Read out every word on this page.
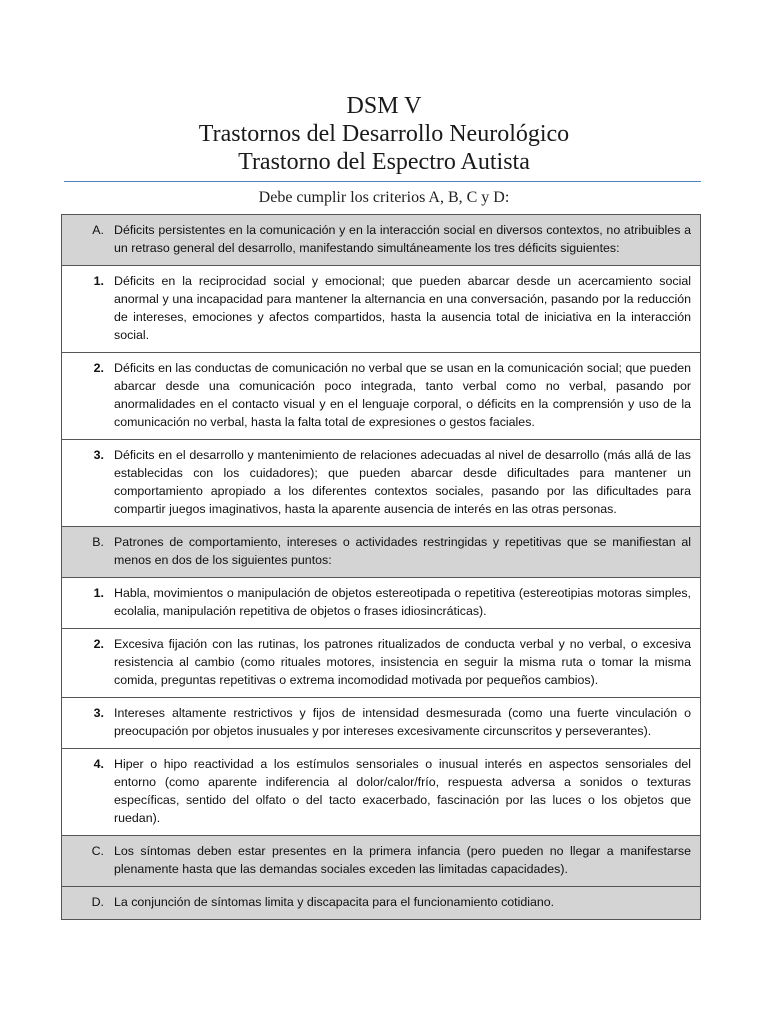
DSM V
Trastornos del Desarrollo Neurológico
Trastorno del Espectro Autista
Debe cumplir los criterios A, B, C y D:
A. Déficits persistentes en la comunicación y en la interacción social en diversos contextos, no atribuibles a un retraso general del desarrollo, manifestando simultáneamente los tres déficits siguientes:

1. Déficits en la reciprocidad social y emocional; que pueden abarcar desde un acercamiento social anormal y una incapacidad para mantener la alternancia en una conversación, pasando por la reducción de intereses, emociones y afectos compartidos, hasta la ausencia total de iniciativa en la interacción social.

2. Déficits en las conductas de comunicación no verbal que se usan en la comunicación social; que pueden abarcar desde una comunicación poco integrada, tanto verbal como no verbal, pasando por anormalidades en el contacto visual y en el lenguaje corporal, o déficits en la comprensión y uso de la comunicación no verbal, hasta la falta total de expresiones o gestos faciales.

3. Déficits en el desarrollo y mantenimiento de relaciones adecuadas al nivel de desarrollo (más allá de las establecidas con los cuidadores); que pueden abarcar desde dificultades para mantener un comportamiento apropiado a los diferentes contextos sociales, pasando por las dificultades para compartir juegos imaginativos, hasta la aparente ausencia de interés en las otras personas.

B. Patrones de comportamiento, intereses o actividades restringidas y repetitivas que se manifiestan al menos en dos de los siguientes puntos:

1. Habla, movimientos o manipulación de objetos estereotipada o repetitiva (estereotipias motoras simples, ecolalia, manipulación repetitiva de objetos o frases idiosincráticas).

2. Excesiva fijación con las rutinas, los patrones ritualizados de conducta verbal y no verbal, o excesiva resistencia al cambio (como rituales motores, insistencia en seguir la misma ruta o tomar la misma comida, preguntas repetitivas o extrema incomodidad motivada por pequeños cambios).

3. Intereses altamente restrictivos y fijos de intensidad desmesurada (como una fuerte vinculación o preocupación por objetos inusuales y por intereses excesivamente circunscritos y perseverantes).

4. Hiper o hipo reactividad a los estímulos sensoriales o inusual interés en aspectos sensoriales del entorno (como aparente indiferencia al dolor/calor/frío, respuesta adversa a sonidos o texturas específicas, sentido del olfato o del tacto exacerbado, fascinación por las luces o los objetos que ruedan).

C. Los síntomas deben estar presentes en la primera infancia (pero pueden no llegar a manifestarse plenamente hasta que las demandas sociales exceden las limitadas capacidades).

D. La conjunción de síntomas limita y discapacita para el funcionamiento cotidiano.
